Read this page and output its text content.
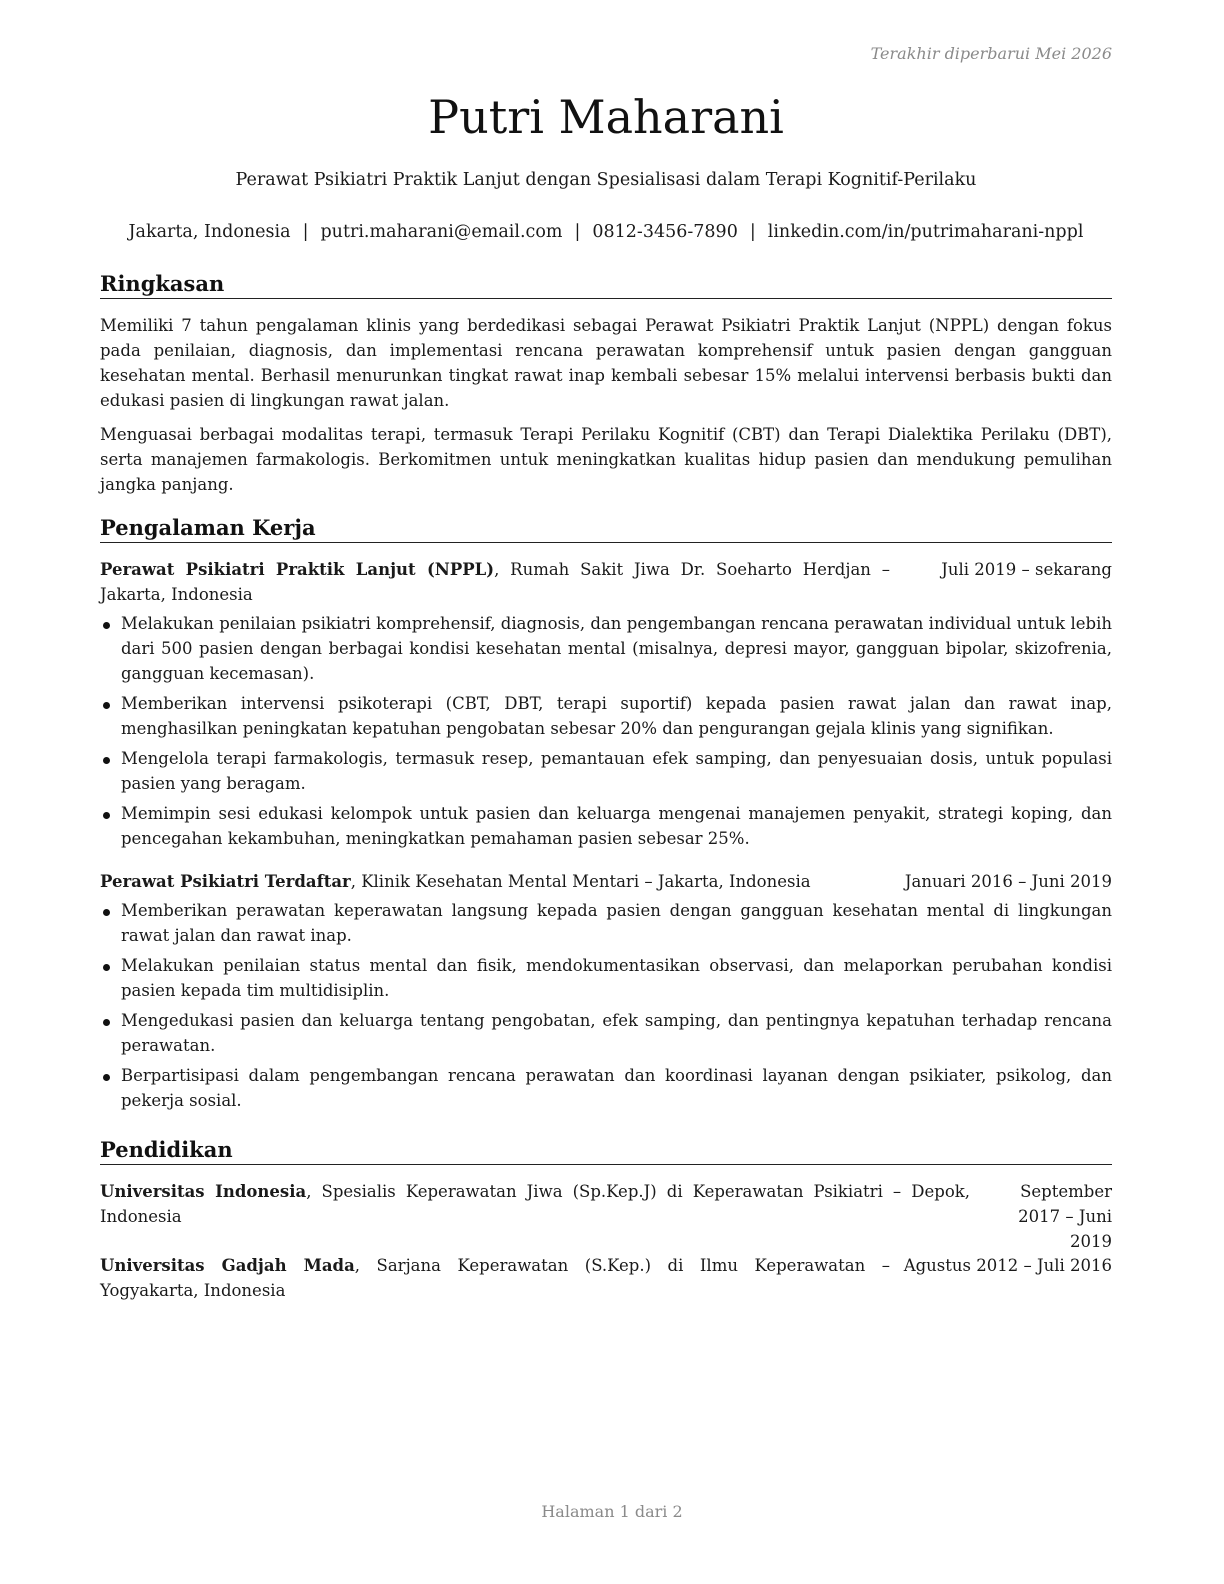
Terakhir diperbarui Mei 2026
Putri Maharani
Perawat Psikiatri Praktik Lanjut dengan Spesialisasi dalam Terapi Kognitif-Perilaku
Jakarta, Indonesia | putri.maharani@email.com | 0812-3456-7890 | linkedin.com/in/putrimaharani-nppl
Ringkasan

Memiliki 7 tahun pengalaman klinis yang berdedikasi sebagai Perawat Psikiatri Praktik Lanjut (NPPL) dengan fokus pada penilaian, diagnosis, dan implementasi rencana perawatan komprehensif untuk pasien dengan gangguan kesehatan mental. Berhasil menurunkan tingkat rawat inap kembali sebesar 15% melalui intervensi berbasis bukti dan edukasi pasien di lingkungan rawat jalan.

Menguasai berbagai modalitas terapi, termasuk Terapi Perilaku Kognitif (CBT) dan Terapi Dialektika Perilaku (DBT), serta manajemen farmakologis. Berkomitmen untuk meningkatkan kualitas hidup pasien dan mendukung pemulihan jangka panjang.

Pengalaman Kerja
Perawat Psikiatri Praktik Lanjut (NPPL), Rumah Sakit Jiwa Dr. Soeharto Herdjan – Jakarta, Indonesia
Juli 2019 – sekarang
Melakukan penilaian psikiatri komprehensif, diagnosis, dan pengembangan rencana perawatan individual untuk lebih dari 500 pasien dengan berbagai kondisi kesehatan mental (misalnya, depresi mayor, gangguan bipolar, skizofrenia, gangguan kecemasan).
Memberikan intervensi psikoterapi (CBT, DBT, terapi suportif) kepada pasien rawat jalan dan rawat inap, menghasilkan peningkatan kepatuhan pengobatan sebesar 20% dan pengurangan gejala klinis yang signifikan.
Mengelola terapi farmakologis, termasuk resep, pemantauan efek samping, dan penyesuaian dosis, untuk populasi pasien yang beragam.
Memimpin sesi edukasi kelompok untuk pasien dan keluarga mengenai manajemen penyakit, strategi koping, dan pencegahan kekambuhan, meningkatkan pemahaman pasien sebesar 25%.
Perawat Psikiatri Terdaftar, Klinik Kesehatan Mental Mentari – Jakarta, Indonesia	Januari 2016 – Juni 2019
Memberikan perawatan keperawatan langsung kepada pasien dengan gangguan kesehatan mental di lingkungan rawat jalan dan rawat inap.
Melakukan penilaian status mental dan fisik, mendokumentasikan observasi, dan melaporkan perubahan kondisi pasien kepada tim multidisiplin.
Mengedukasi pasien dan keluarga tentang pengobatan, efek samping, dan pentingnya kepatuhan terhadap rencana perawatan.
Berpartisipasi dalam pengembangan rencana perawatan dan koordinasi layanan dengan psikiater, psikolog, dan pekerja sosial.
Pendidikan
Universitas Indonesia, Spesialis Keperawatan Jiwa (Sp.Kep.J) di Keperawatan Psikiatri – Depok, Indonesia
September 2017 – Juni 2019
Universitas Gadjah Mada, Sarjana Keperawatan (S.Kep.) di Ilmu Keperawatan – Yogyakarta, Indonesia
Agustus 2012 – Juli 2016
Halaman 1 dari 2
